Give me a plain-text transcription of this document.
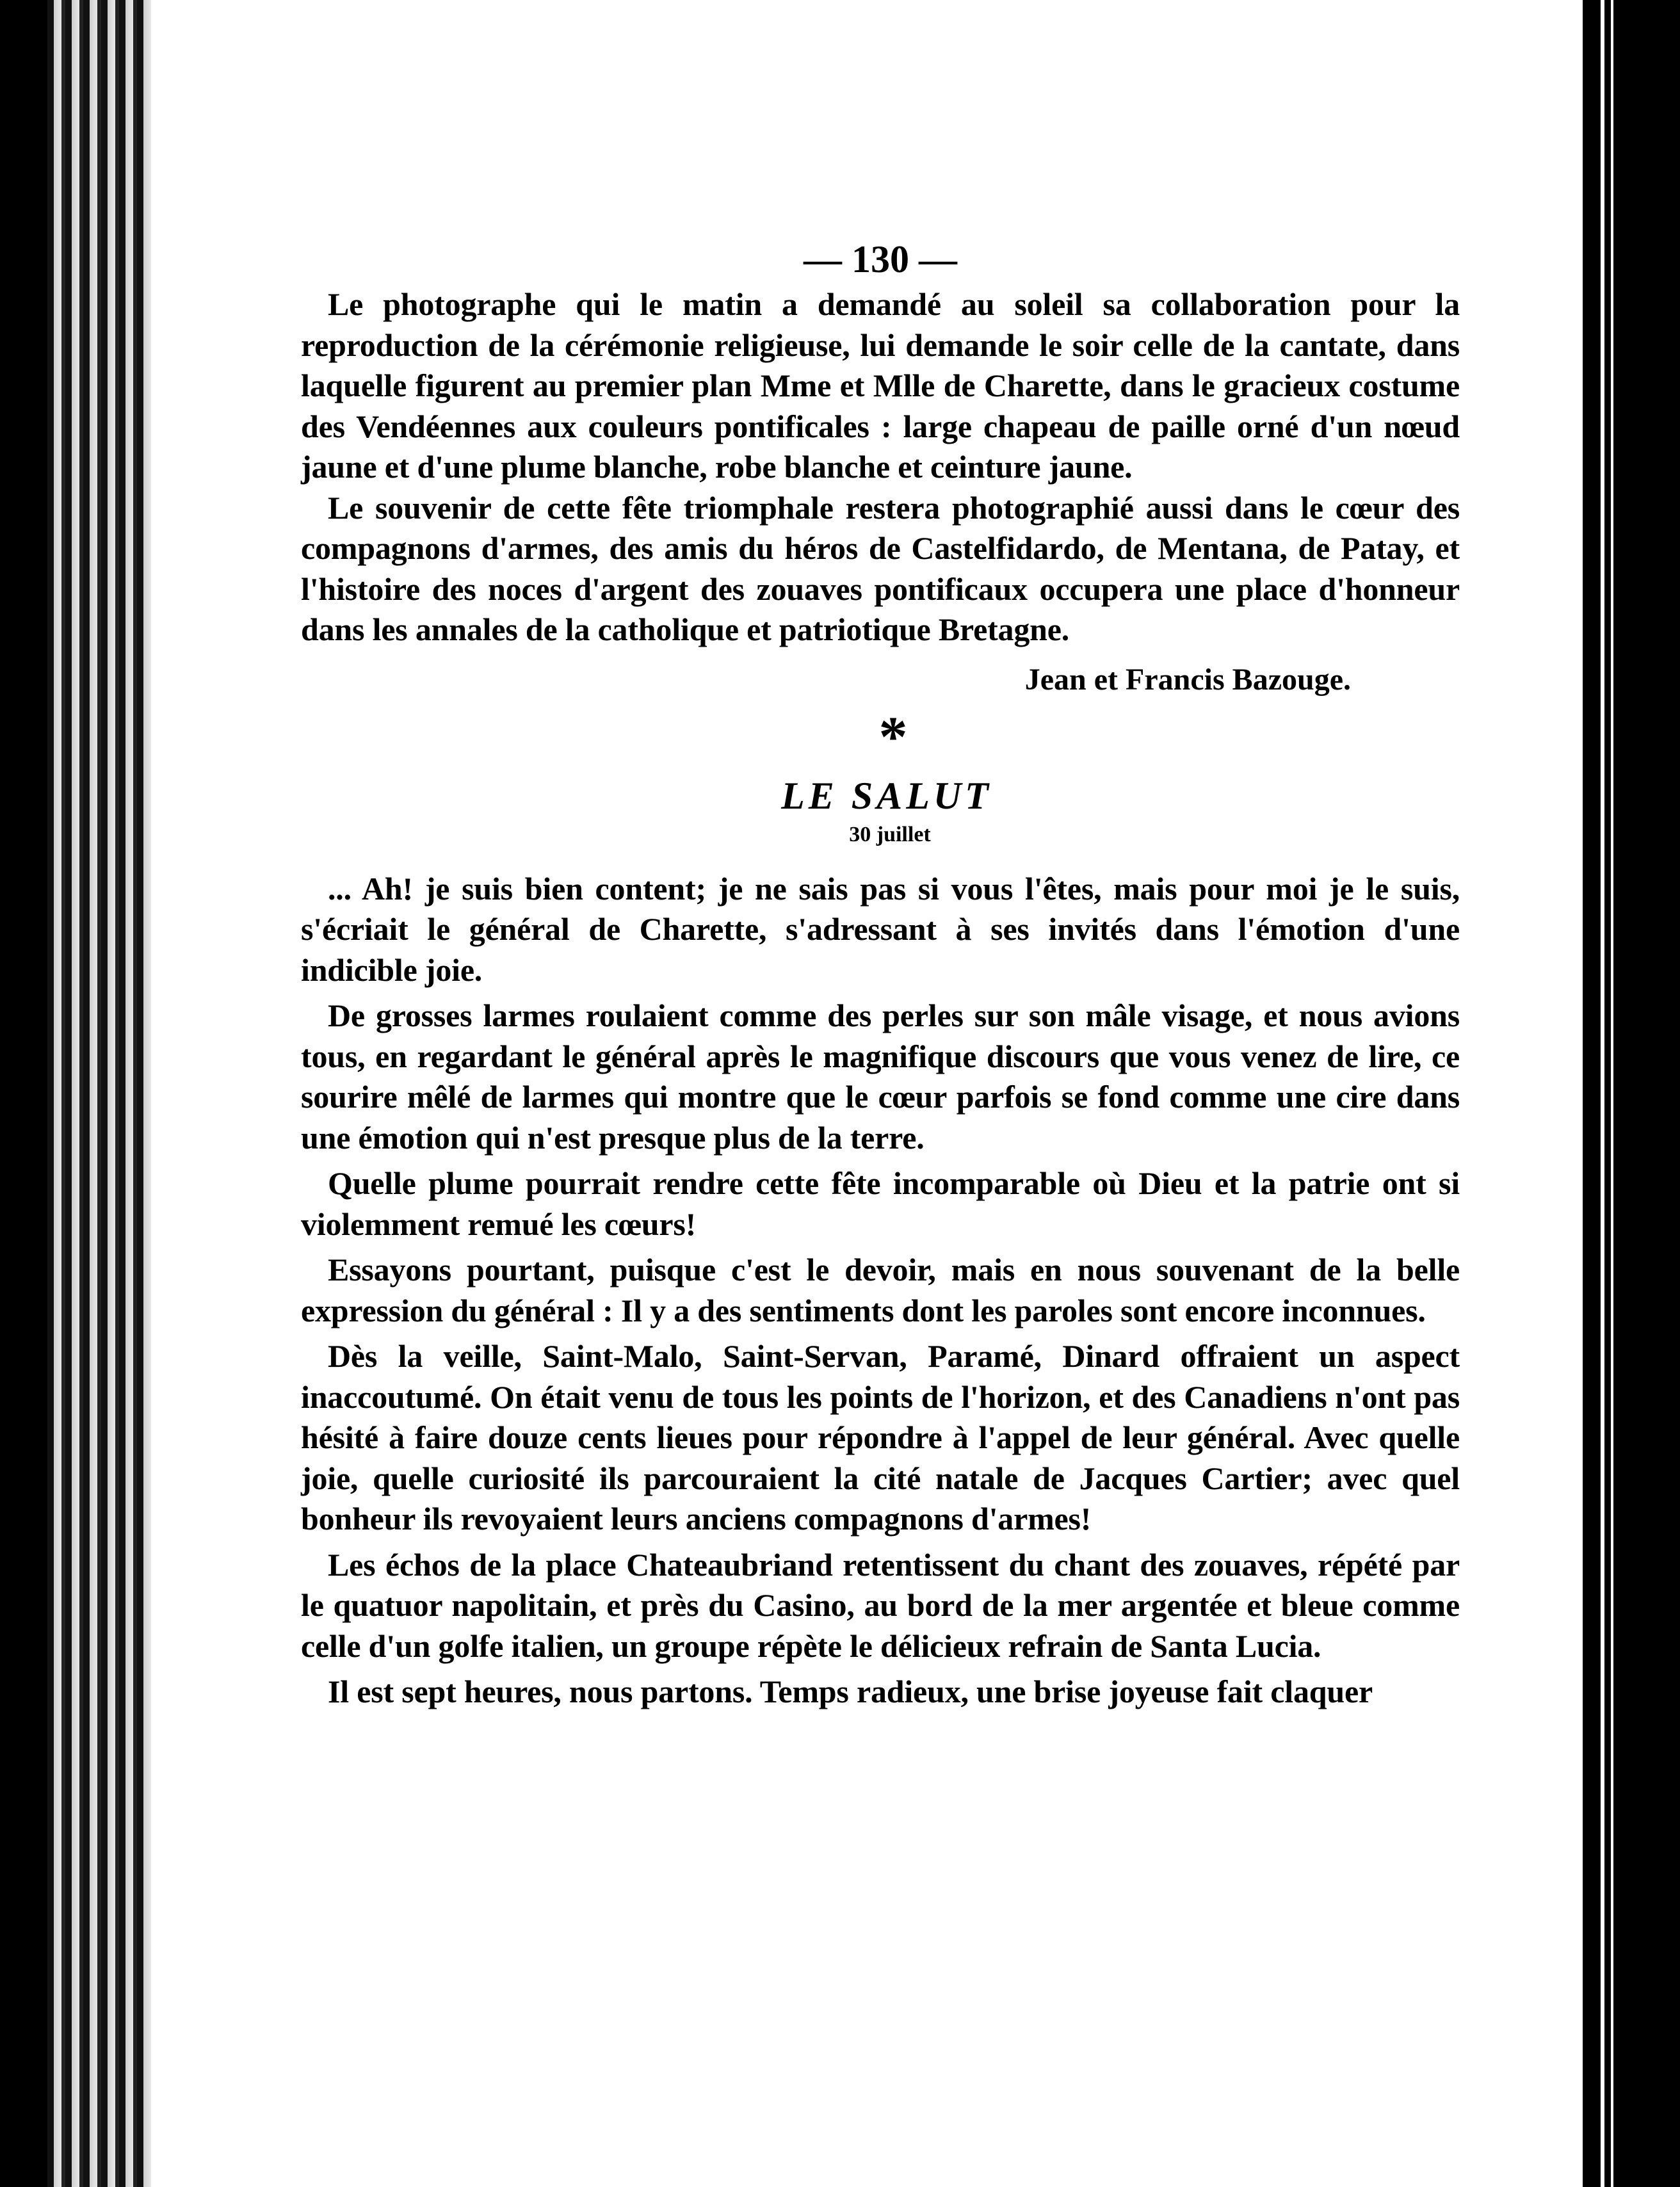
— 130 —

Le photographe qui le matin a demandé au soleil sa collaboration pour la reproduction de la cérémonie religieuse, lui demande le soir celle de la cantate, dans laquelle figurent au premier plan Mme et Mlle de Charette, dans le gracieux costume des Vendéennes aux couleurs pontificales : large chapeau de paille orné d'un nœud jaune et d'une plume blanche, robe blanche et ceinture jaune.

Le souvenir de cette fête triomphale restera photographié aussi dans le cœur des compagnons d'armes, des amis du héros de Castelfidardo, de Mentana, de Patay, et l'histoire des noces d'argent des zouaves pontificaux occupera une place d'honneur dans les annales de la catholique et patriotique Bretagne.

Jean et Francis Bazouge.
*
LE SALUT
30 juillet

... Ah! je suis bien content; je ne sais pas si vous l'êtes, mais pour moi je le suis, s'écriait le général de Charette, s'adressant à ses invités dans l'émotion d'une indicible joie.

De grosses larmes roulaient comme des perles sur son mâle visage, et nous avions tous, en regardant le général après le magnifique discours que vous venez de lire, ce sourire mêlé de larmes qui montre que le cœur parfois se fond comme une cire dans une émotion qui n'est presque plus de la terre.

Quelle plume pourrait rendre cette fête incomparable où Dieu et la patrie ont si violemment remué les cœurs!

Essayons pourtant, puisque c'est le devoir, mais en nous souvenant de la belle expression du général : Il y a des sentiments dont les paroles sont encore inconnues.

Dès la veille, Saint-Malo, Saint-Servan, Paramé, Dinard offraient un aspect inaccoutumé. On était venu de tous les points de l'horizon, et des Canadiens n'ont pas hésité à faire douze cents lieues pour répondre à l'appel de leur général. Avec quelle joie, quelle curiosité ils parcouraient la cité natale de Jacques Cartier; avec quel bonheur ils revoyaient leurs anciens compagnons d'armes!

Les échos de la place Chateaubriand retentissent du chant des zouaves, répété par le quatuor napolitain, et près du Casino, au bord de la mer argentée et bleue comme celle d'un golfe italien, un groupe répète le délicieux refrain de Santa Lucia.

Il est sept heures, nous partons. Temps radieux, une brise joyeuse fait claquer
